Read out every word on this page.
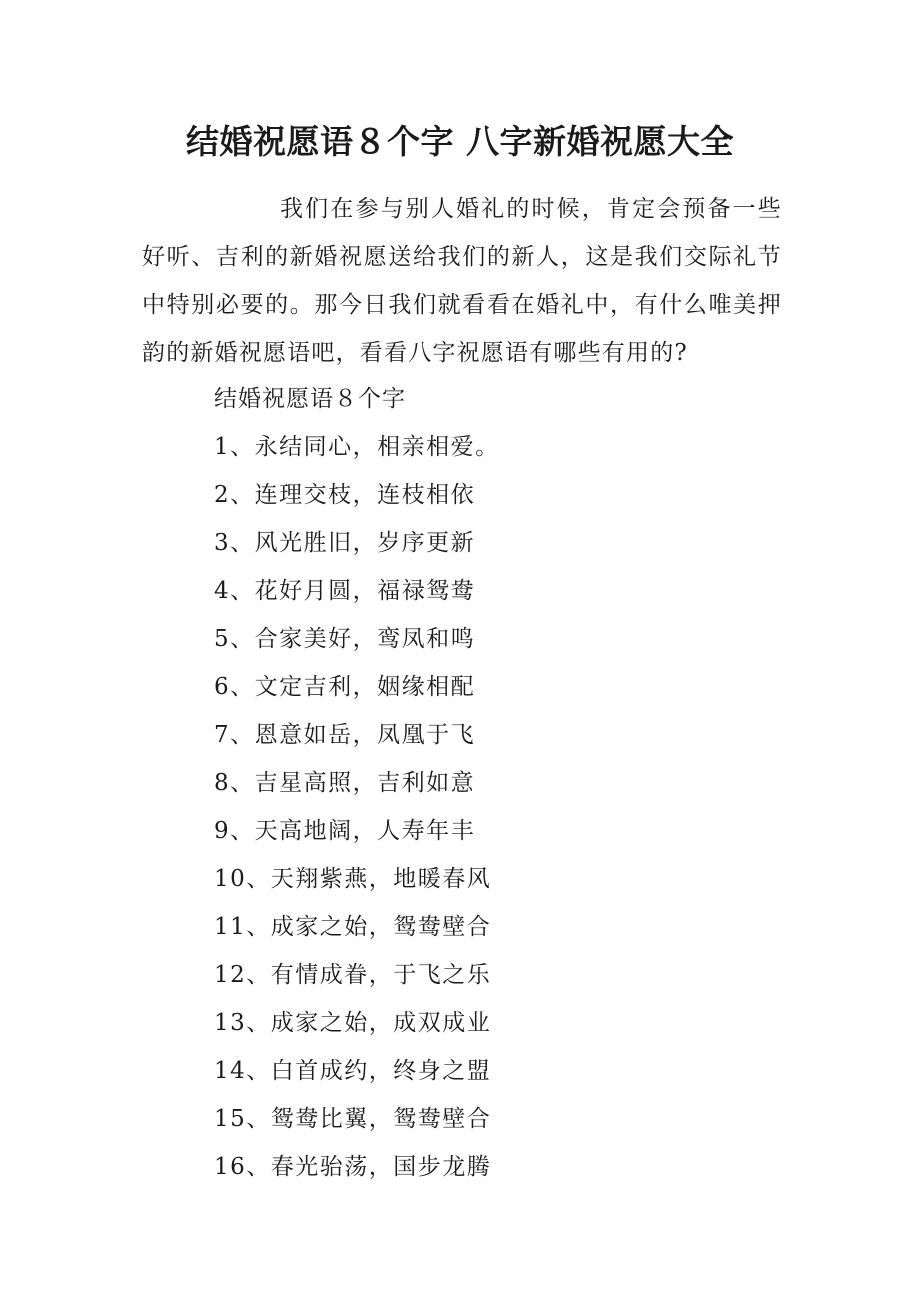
结婚祝愿语８个字 八字新婚祝愿大全

我们在参与别人婚礼的时候，肯定会预备一些好听、吉利的新婚祝愿送给我们的新人，这是我们交际礼节中特别必要的。那今日我们就看看在婚礼中，有什么唯美押韵的新婚祝愿语吧，看看八字祝愿语有哪些有用的?

结婚祝愿语８个字

1、永结同心，相亲相爱。
2、连理交枝，连枝相依
3、风光胜旧，岁序更新
4、花好月圆，福禄鸳鸯
5、合家美好，鸾凤和鸣
6、文定吉利，姻缘相配
7、恩意如岳，凤凰于飞
8、吉星高照，吉利如意
9、天高地阔，人寿年丰
10、天翔紫燕，地暖春风
11、成家之始，鸳鸯壁合
12、有情成眷，于飞之乐
13、成家之始，成双成业
14、白首成约，终身之盟
15、鸳鸯比翼，鸳鸯壁合
16、春光骀荡，国步龙腾
